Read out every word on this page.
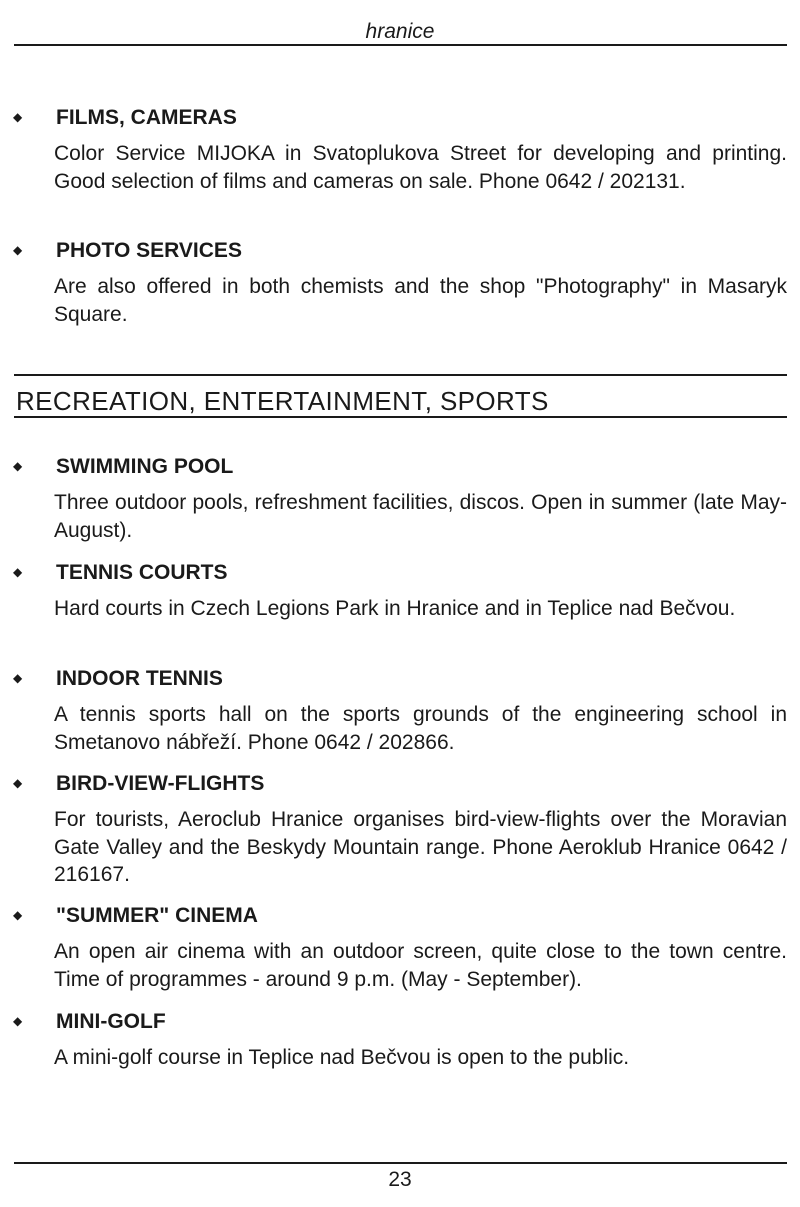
hranice
◆ FILMS, CAMERAS

Color Service MIJOKA in Svatoplukova Street for developing and printing. Good selection of films and cameras on sale. Phone 0642 / 202131.

◆ PHOTO SERVICES

Are also offered in both chemists and the shop "Photography" in Masaryk Square.

RECREATION, ENTERTAINMENT, SPORTS
◆ SWIMMING POOL

Three outdoor pools, refreshment facilities, discos. Open in summer (late May-August).

◆ TENNIS COURTS

Hard courts in Czech Legions Park in Hranice and in Teplice nad Bečvou.

◆ INDOOR TENNIS

A tennis sports hall on the sports grounds of the engineering school in Smetanovo nábřeží. Phone 0642 / 202866.

◆ BIRD-VIEW-FLIGHTS

For tourists, Aeroclub Hranice organises bird-view-flights over the Moravian Gate Valley and the Beskydy Mountain range. Phone Aeroklub Hranice 0642 / 216167.

◆ "SUMMER" CINEMA

An open air cinema with an outdoor screen, quite close to the town centre. Time of programmes - around 9 p.m. (May - September).

◆ MINI-GOLF

A mini-golf course in Teplice nad Bečvou is open to the public.

23
